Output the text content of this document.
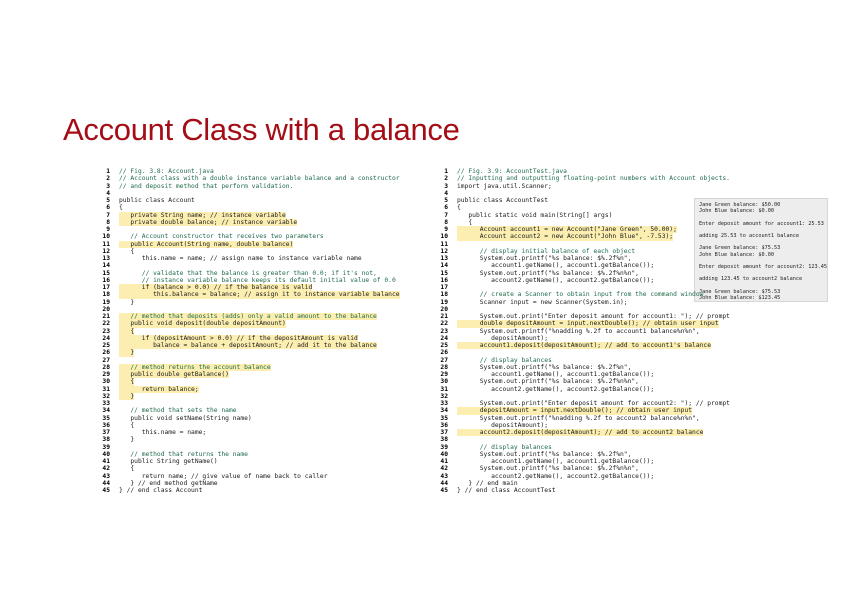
Account Class with a balance
1 // Fig. 3.8: Account.java
2 // Account class with a double instance variable balance and a constructor
3 // and deposit method that perform validation.
4
5 public class Account
6 {
7 private String name; // instance variable
8 private double balance; // instance variable
9
10 // Account constructor that receives two parameters
11 public Account(String name, double balance)
12 {
13 this.name = name; // assign name to instance variable name
14
15 // validate that the balance is greater than 0.0; if it's not,
16 // instance variable balance keeps its default initial value of 0.0
17 if (balance > 0.0) // if the balance is valid
18 this.balance = balance; // assign it to instance variable balance
19 }
20
21 // method that deposits (adds) only a valid amount to the balance
22 public void deposit(double depositAmount)
23 {
24 if (depositAmount > 0.0) // if the depositAmount is valid
25 balance = balance + depositAmount; // add it to the balance
26 }
27
28 // method returns the account balance
29 public double getBalance()
30 {
31 return balance;
32 }
33
34 // method that sets the name
35 public void setName(String name)
36 {
37 this.name = name;
38 }
39
40 // method that returns the name
41 public String getName()
42 {
43 return name; // give value of name back to caller
44 } // end method getName
45 } // end class Account
1 // Fig. 3.9: AccountTest.java
2 // Inputting and outputting floating-point numbers with Account objects.
3 import java.util.Scanner;
4
5 public class AccountTest
6 {
7 public static void main(String[] args)
8 {
9 Account account1 = new Account("Jane Green", 50.00);
10 Account account2 = new Account("John Blue", -7.53);
11
12 // display initial balance of each object
13 System.out.printf("%s balance: $%.2f%n",
14 account1.getName(), account1.getBalance());
15 System.out.printf("%s balance: $%.2f%n%n",
16 account2.getName(), account2.getBalance());
17
18 // create a Scanner to obtain input from the command window
19 Scanner input = new Scanner(System.in);
20
21 System.out.print("Enter deposit amount for account1: "); // prompt
22 double depositAmount = input.nextDouble(); // obtain user input
23 System.out.printf("%nadding %.2f to account1 balance%n%n",
24 depositAmount);
25 account1.deposit(depositAmount); // add to account1's balance
26
27 // display balances
28 System.out.printf("%s balance: $%.2f%n",
29 account1.getName(), account1.getBalance());
30 System.out.printf("%s balance: $%.2f%n%n",
31 account2.getName(), account2.getBalance());
32
33 System.out.print("Enter deposit amount for account2: "); // prompt
34 depositAmount = input.nextDouble(); // obtain user input
35 System.out.printf("%nadding %.2f to account2 balance%n%n",
36 depositAmount);
37 account2.deposit(depositAmount); // add to account2 balance
38
39 // display balances
40 System.out.printf("%s balance: $%.2f%n",
41 account1.getName(), account1.getBalance());
42 System.out.printf("%s balance: $%.2f%n%n",
43 account2.getName(), account2.getBalance());
44 } // end main
45 } // end class AccountTest
Jane Green balance: $50.00
John Blue balance: $0.00
Enter deposit amount for account1: 25.53
adding 25.53 to account1 balance
Jane Green balance: $75.53
John Blue balance: $0.00
Enter deposit amount for account2: 123.45
adding 123.45 to account2 balance
Jane Green balance: $75.53
John Blue balance: $123.45
